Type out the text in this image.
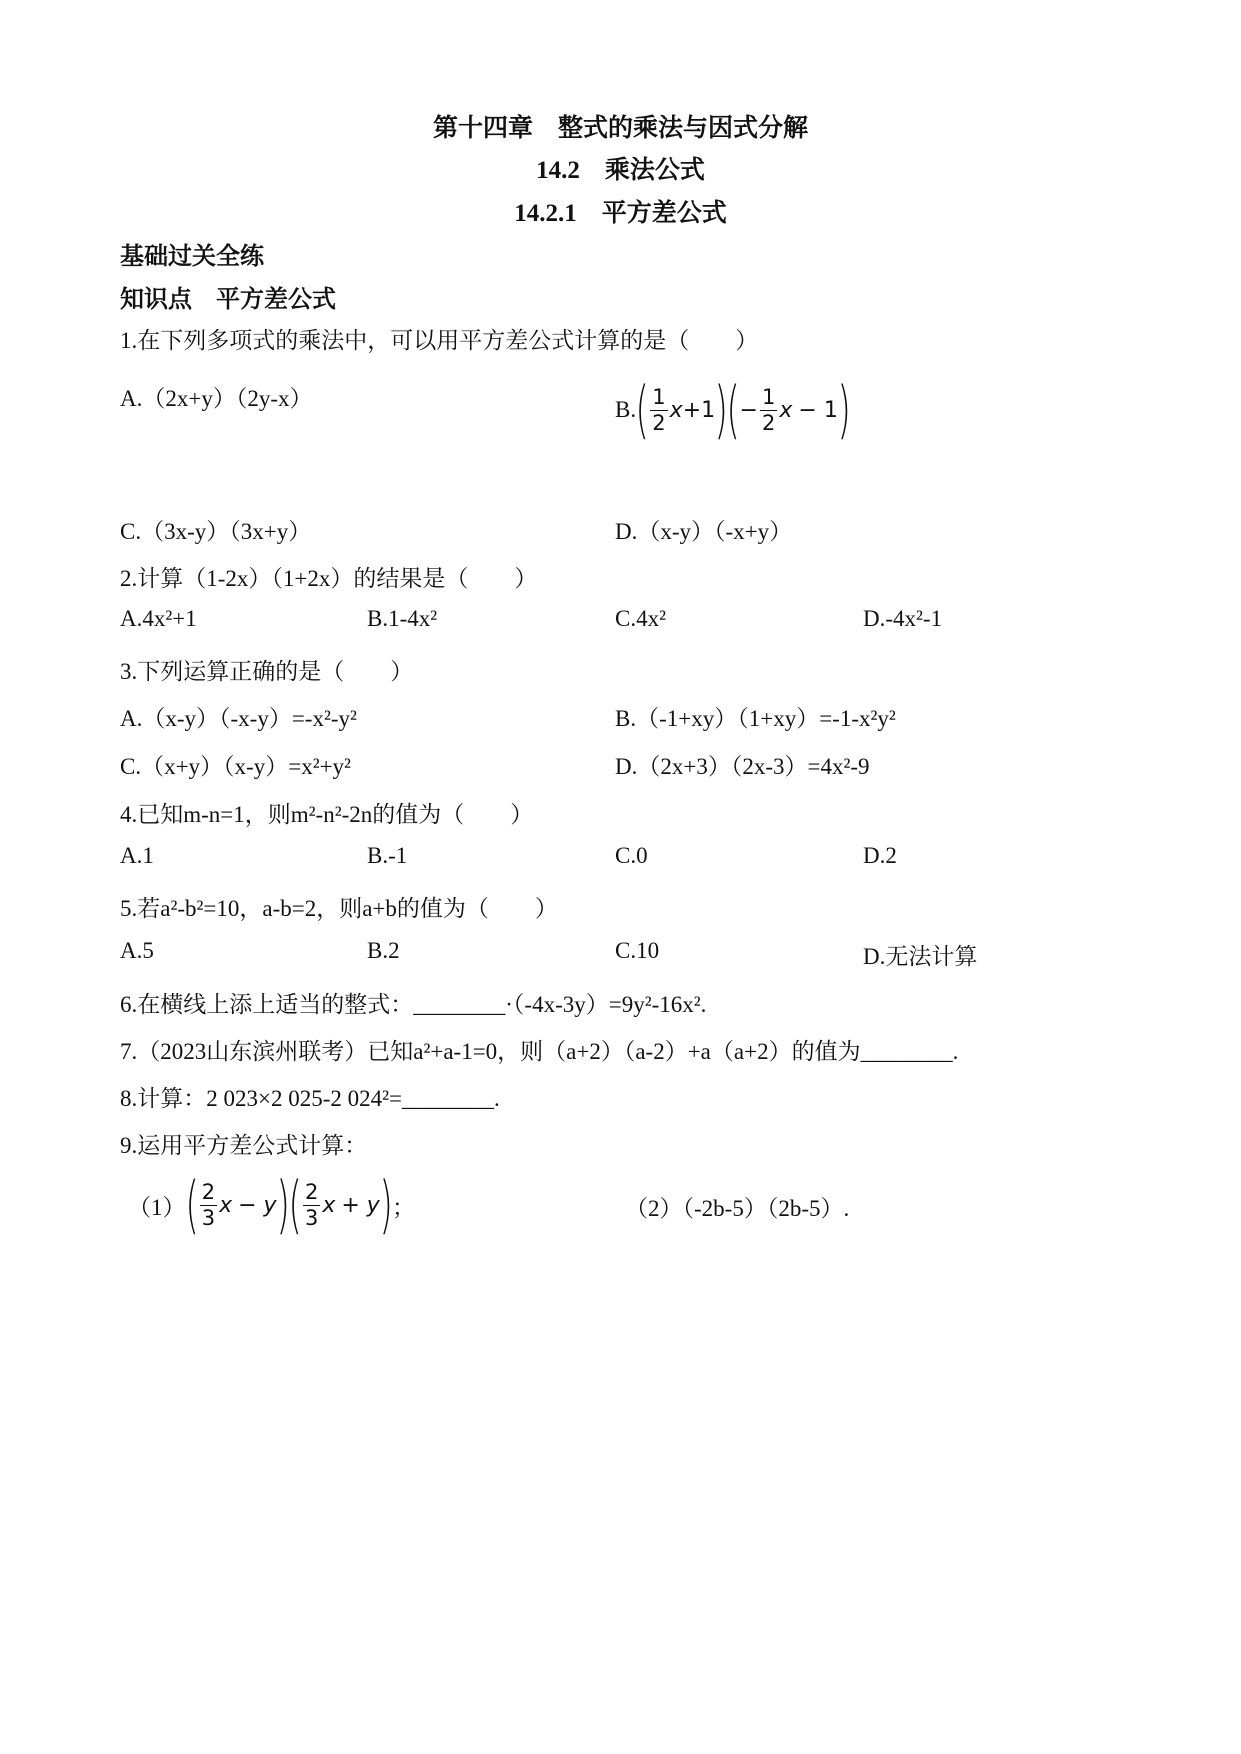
第十四章　整式的乘法与因式分解
14.2　乘法公式
14.2.1　平方差公式
基础过关全练
知识点　平方差公式
1.在下列多项式的乘法中，可以用平方差公式计算的是（　　）
A.（2x+y）（2y-x）	B. ( $\frac{1}{2}$ x +1 )
( − $\frac{1}{2}$ x − 1 )
C.（3x-y）（3x+y）	D.（x-y）（-x+y）
2.计算（1-2x）（1+2x）的结果是（　　）
A.4x²+1	B.1-4x²	C.4x²	D.-4x²-1
3.下列运算正确的是（　　）
A.（x-y）（-x-y）=-x²-y²	B.（-1+xy）（1+xy）=-1-x²y²
C.（x+y）（x-y）=x²+y²	D.（2x+3）（2x-3）=4x²-9
4.已知m-n=1，则m²-n²-2n的值为（　　）
A.1	B.-1	C.0	D.2
5.若a²-b²=10，a-b=2，则a+b的值为（　　）
A.5	B.2	C.10	D.无法计算
6.在横线上添上适当的整式：________·（-4x-3y）=9y²-16x².
7.（2023山东滨州联考）已知a²+a-1=0，则（a+2）（a-2）+a（a+2）的值为________.
8.计算：2 023×2 025-2 024²=________.
9.运用平方差公式计算：
（1） ( $\frac{2}{3}$ x − y )
( $\frac{2}{3}$ x + y ) ；	（2）（-2b-5）（2b-5）.
